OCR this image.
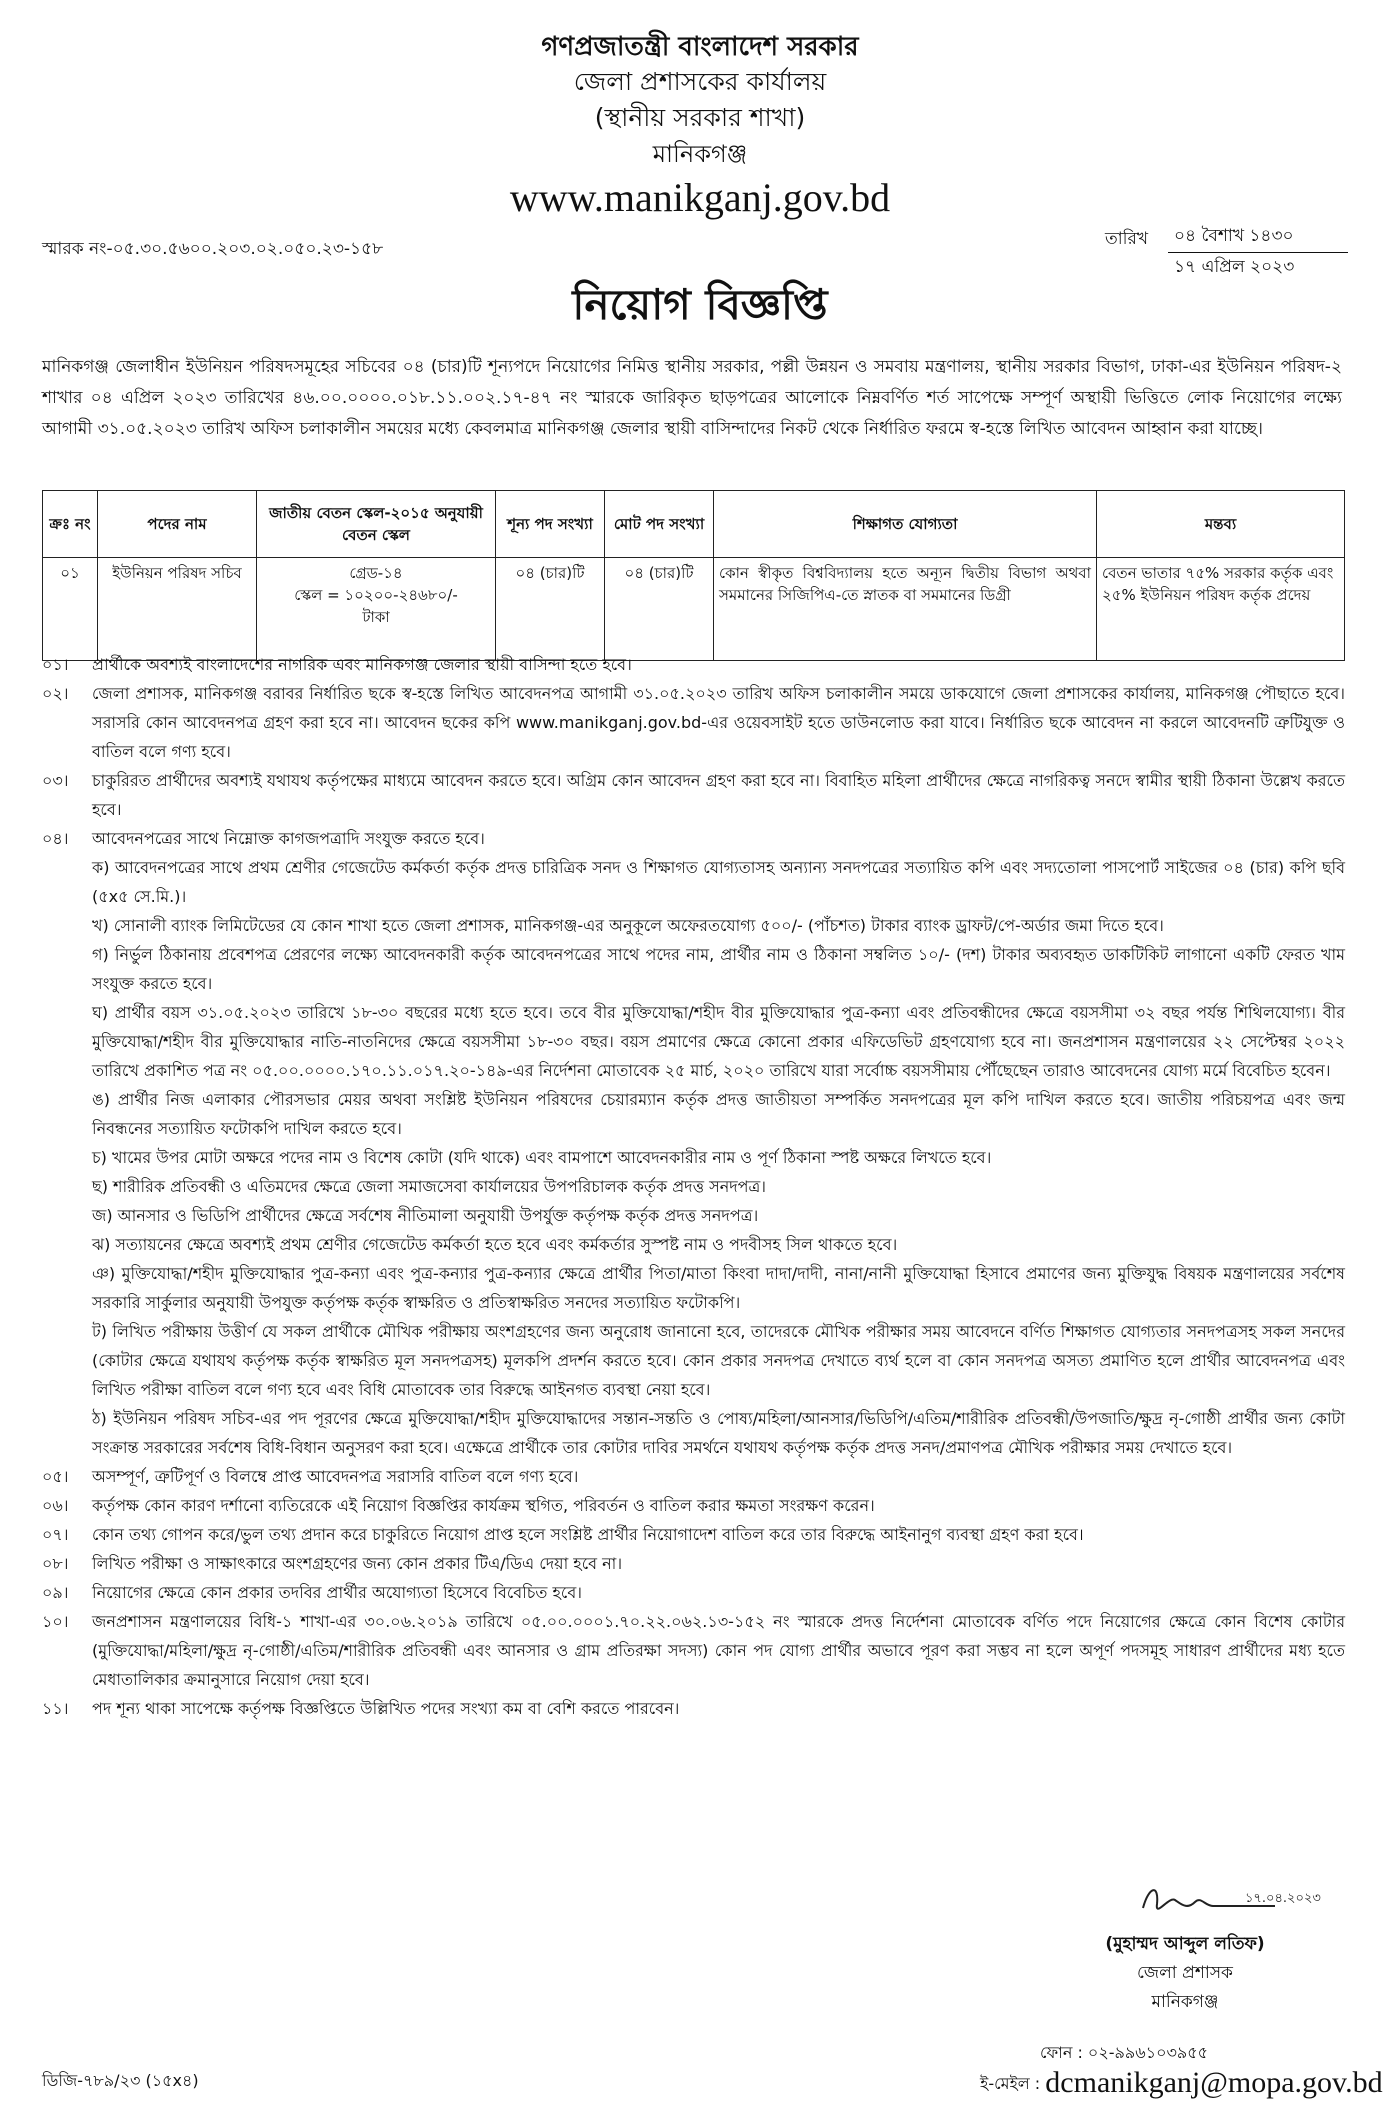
গণপ্রজাতন্ত্রী বাংলাদেশ সরকার
জেলা প্রশাসকের কার্যালয়
(স্থানীয় সরকার শাখা)
মানিকগঞ্জ
www.manikganj.gov.bd
স্মারক নং-০৫.৩০.৫৬০০.২০৩.০২.০৫০.২৩-১৫৮	তারিখ	০৪ বৈশাখ ১৪৩০
১৭ এপ্রিল ২০২৩
নিয়োগ বিজ্ঞপ্তি
মানিকগঞ্জ জেলাধীন ইউনিয়ন পরিষদসমূহের সচিবের ০৪ (চার)টি শূন্যপদে নিয়োগের নিমিত্ত স্থানীয় সরকার, পল্লী উন্নয়ন ও সমবায় মন্ত্রণালয়, স্থানীয় সরকার বিভাগ, ঢাকা-এর ইউনিয়ন পরিষদ-২ শাখার ০৪ এপ্রিল ২০২৩ তারিখের ৪৬.০০.০০০০.০১৮.১১.০০২.১৭-৪৭ নং স্মারকে জারিকৃত ছাড়পত্রের আলোকে নিম্নবর্ণিত শর্ত সাপেক্ষে সম্পূর্ণ অস্থায়ী ভিত্তিতে লোক নিয়োগের লক্ষ্যে আগামী ৩১.০৫.২০২৩ তারিখ অফিস চলাকালীন সময়ের মধ্যে কেবলমাত্র মানিকগঞ্জ জেলার স্থায়ী বাসিন্দাদের নিকট থেকে নির্ধারিত ফরমে স্ব-হস্তে লিখিত আবেদন আহ্বান করা যাচ্ছে।
ক্রঃ নং	পদের নাম	জাতীয় বেতন স্কেল-২০১৫ অনুযায়ী বেতন স্কেল	শূন্য পদ সংখ্যা	মোট পদ সংখ্যা	শিক্ষাগত যোগ্যতা	মন্তব্য
০১	ইউনিয়ন পরিষদ সচিব	গ্রেড-১৪
স্কেল = ১০২০০-২৪৬৮০/-
টাকা	০৪ (চার)টি	০৪ (চার)টি	কোন স্বীকৃত বিশ্ববিদ্যালয় হতে অন্যূন দ্বিতীয় বিভাগ অথবা সমমানের সিজিপিএ-তে স্নাতক বা সমমানের ডিগ্রী	বেতন ভাতার ৭৫% সরকার কর্তৃক এবং ২৫% ইউনিয়ন পরিষদ কর্তৃক প্রদেয়
০১।	প্রার্থীকে অবশ্যই বাংলাদেশের নাগরিক এবং মানিকগঞ্জ জেলার স্থায়ী বাসিন্দা হতে হবে।
০২।	জেলা প্রশাসক, মানিকগঞ্জ বরাবর নির্ধারিত ছকে স্ব-হস্তে লিখিত আবেদনপত্র আগামী ৩১.০৫.২০২৩ তারিখ অফিস চলাকালীন সময়ে ডাকযোগে জেলা প্রশাসকের কার্যালয়, মানিকগঞ্জ পৌছাতে হবে। সরাসরি কোন আবেদনপত্র গ্রহণ করা হবে না। আবেদন ছকের কপি www.manikganj.gov.bd-এর ওয়েবসাইট হতে ডাউনলোড করা যাবে। নির্ধারিত ছকে আবেদন না করলে আবেদনটি ত্রুটিযুক্ত ও বাতিল বলে গণ্য হবে।
০৩।	চাকুরিরত প্রার্থীদের অবশ্যই যথাযথ কর্তৃপক্ষের মাধ্যমে আবেদন করতে হবে। অগ্রিম কোন আবেদন গ্রহণ করা হবে না। বিবাহিত মহিলা প্রার্থীদের ক্ষেত্রে নাগরিকত্ব সনদে স্বামীর স্থায়ী ঠিকানা উল্লেখ করতে হবে।
০৪।	আবেদনপত্রের সাথে নিম্নোক্ত কাগজপত্রাদি সংযুক্ত করতে হবে।
ক) আবেদনপত্রের সাথে প্রথম শ্রেণীর গেজেটেড কর্মকর্তা কর্তৃক প্রদত্ত চারিত্রিক সনদ ও শিক্ষাগত যোগ্যতাসহ অন্যান্য সনদপত্রের সত্যায়িত কপি এবং সদ্যতোলা পাসপোর্ট সাইজের ০৪ (চার) কপি ছবি (৫x৫ সে.মি.)।
খ) সোনালী ব্যাংক লিমিটেডের যে কোন শাখা হতে জেলা প্রশাসক, মানিকগঞ্জ-এর অনুকূলে অফেরতযোগ্য ৫০০/- (পাঁচশত) টাকার ব্যাংক ড্রাফট/পে-অর্ডার জমা দিতে হবে।
গ) নির্ভুল ঠিকানায় প্রবেশপত্র প্রেরণের লক্ষ্যে আবেদনকারী কর্তৃক আবেদনপত্রের সাথে পদের নাম, প্রার্থীর নাম ও ঠিকানা সম্বলিত ১০/- (দশ) টাকার অব্যবহৃত ডাকটিকিট লাগানো একটি ফেরত খাম সংযুক্ত করতে হবে।
ঘ) প্রার্থীর বয়স ৩১.০৫.২০২৩ তারিখে ১৮-৩০ বছরের মধ্যে হতে হবে। তবে বীর মুক্তিযোদ্ধা/শহীদ বীর মুক্তিযোদ্ধার পুত্র-কন্যা এবং প্রতিবন্ধীদের ক্ষেত্রে বয়সসীমা ৩২ বছর পর্যন্ত শিথিলযোগ্য। বীর মুক্তিযোদ্ধা/শহীদ বীর মুক্তিযোদ্ধার নাতি-নাতনিদের ক্ষেত্রে বয়সসীমা ১৮-৩০ বছর। বয়স প্রমাণের ক্ষেত্রে কোনো প্রকার এফিডেভিট গ্রহণযোগ্য হবে না। জনপ্রশাসন মন্ত্রণালয়ের ২২ সেপ্টেম্বর ২০২২ তারিখে প্রকাশিত পত্র নং ০৫.০০.০০০০.১৭০.১১.০১৭.২০-১৪৯-এর নির্দেশনা মোতাবেক ২৫ মার্চ, ২০২০ তারিখে যারা সর্বোচ্চ বয়সসীমায় পৌঁছেছেন তারাও আবেদনের যোগ্য মর্মে বিবেচিত হবেন।
ঙ) প্রার্থীর নিজ এলাকার পৌরসভার মেয়র অথবা সংশ্লিষ্ট ইউনিয়ন পরিষদের চেয়ারম্যান কর্তৃক প্রদত্ত জাতীয়তা সম্পর্কিত সনদপত্রের মূল কপি দাখিল করতে হবে। জাতীয় পরিচয়পত্র এবং জন্ম নিবন্ধনের সত্যায়িত ফটোকপি দাখিল করতে হবে।
চ) খামের উপর মোটা অক্ষরে পদের নাম ও বিশেষ কোটা (যদি থাকে) এবং বামপাশে আবেদনকারীর নাম ও পূর্ণ ঠিকানা স্পষ্ট অক্ষরে লিখতে হবে।
ছ) শারীরিক প্রতিবন্ধী ও এতিমদের ক্ষেত্রে জেলা সমাজসেবা কার্যালয়ের উপপরিচালক কর্তৃক প্রদত্ত সনদপত্র।
জ) আনসার ও ভিডিপি প্রার্থীদের ক্ষেত্রে সর্বশেষ নীতিমালা অনুযায়ী উপর্যুক্ত কর্তৃপক্ষ কর্তৃক প্রদত্ত সনদপত্র।
ঝ) সত্যায়নের ক্ষেত্রে অবশ্যই প্রথম শ্রেণীর গেজেটেড কর্মকর্তা হতে হবে এবং কর্মকর্তার সুস্পষ্ট নাম ও পদবীসহ সিল থাকতে হবে।
ঞ) মুক্তিযোদ্ধা/শহীদ মুক্তিযোদ্ধার পুত্র-কন্যা এবং পুত্র-কন্যার পুত্র-কন্যার ক্ষেত্রে প্রার্থীর পিতা/মাতা কিংবা দাদা/দাদী, নানা/নানী মুক্তিযোদ্ধা হিসাবে প্রমাণের জন্য মুক্তিযুদ্ধ বিষয়ক মন্ত্রণালয়ের সর্বশেষ সরকারি সার্কুলার অনুযায়ী উপযুক্ত কর্তৃপক্ষ কর্তৃক স্বাক্ষরিত ও প্রতিস্বাক্ষরিত সনদের সত্যায়িত ফটোকপি।
ট) লিখিত পরীক্ষায় উত্তীর্ণ যে সকল প্রার্থীকে মৌখিক পরীক্ষায় অংশগ্রহণের জন্য অনুরোধ জানানো হবে, তাদেরকে মৌখিক পরীক্ষার সময় আবেদনে বর্ণিত শিক্ষাগত যোগ্যতার সনদপত্রসহ সকল সনদের (কোটার ক্ষেত্রে যথাযথ কর্তৃপক্ষ কর্তৃক স্বাক্ষরিত মূল সনদপত্রসহ) মূলকপি প্রদর্শন করতে হবে। কোন প্রকার সনদপত্র দেখাতে ব্যর্থ হলে বা কোন সনদপত্র অসত্য প্রমাণিত হলে প্রার্থীর আবেদনপত্র এবং লিখিত পরীক্ষা বাতিল বলে গণ্য হবে এবং বিধি মোতাবেক তার বিরুদ্ধে আইনগত ব্যবস্থা নেয়া হবে।
ঠ) ইউনিয়ন পরিষদ সচিব-এর পদ পূরণের ক্ষেত্রে মুক্তিযোদ্ধা/শহীদ মুক্তিযোদ্ধাদের সন্তান-সন্ততি ও পোষ্য/মহিলা/আনসার/ভিডিপি/এতিম/শারীরিক প্রতিবন্ধী/উপজাতি/ক্ষুদ্র নৃ-গোষ্ঠী প্রার্থীর জন্য কোটা সংক্রান্ত সরকারের সর্বশেষ বিধি-বিধান অনুসরণ করা হবে। এক্ষেত্রে প্রার্থীকে তার কোটার দাবির সমর্থনে যথাযথ কর্তৃপক্ষ কর্তৃক প্রদত্ত সনদ/প্রমাণপত্র মৌখিক পরীক্ষার সময় দেখাতে হবে।
০৫।	অসম্পূর্ণ, ত্রুটিপূর্ণ ও বিলম্বে প্রাপ্ত আবেদনপত্র সরাসরি বাতিল বলে গণ্য হবে।
০৬।	কর্তৃপক্ষ কোন কারণ দর্শানো ব্যতিরেকে এই নিয়োগ বিজ্ঞপ্তির কার্যক্রম স্থগিত, পরিবর্তন ও বাতিল করার ক্ষমতা সংরক্ষণ করেন।
০৭।	কোন তথ্য গোপন করে/ভুল তথ্য প্রদান করে চাকুরিতে নিয়োগ প্রাপ্ত হলে সংশ্লিষ্ট প্রার্থীর নিয়োগাদেশ বাতিল করে তার বিরুদ্ধে আইনানুগ ব্যবস্থা গ্রহণ করা হবে।
০৮।	লিখিত পরীক্ষা ও সাক্ষাৎকারে অংশগ্রহণের জন্য কোন প্রকার টিএ/ডিএ দেয়া হবে না।
০৯।	নিয়োগের ক্ষেত্রে কোন প্রকার তদবির প্রার্থীর অযোগ্যতা হিসেবে বিবেচিত হবে।
১০।	জনপ্রশাসন মন্ত্রণালয়ের বিধি-১ শাখা-এর ৩০.০৬.২০১৯ তারিখে ০৫.০০.০০০১.৭০.২২.০৬২.১৩-১৫২ নং স্মারকে প্রদত্ত নির্দেশনা মোতাবেক বর্ণিত পদে নিয়োগের ক্ষেত্রে কোন বিশেষ কোটার (মুক্তিযোদ্ধা/মহিলা/ক্ষুদ্র নৃ-গোষ্ঠী/এতিম/শারীরিক প্রতিবন্ধী এবং আনসার ও গ্রাম প্রতিরক্ষা সদস্য) কোন পদ যোগ্য প্রার্থীর অভাবে পূরণ করা সম্ভব না হলে অপূর্ণ পদসমূহ সাধারণ প্রার্থীদের মধ্য হতে মেধাতালিকার ক্রমানুসারে নিয়োগ দেয়া হবে।
১১।	পদ শূন্য থাকা সাপেক্ষে কর্তৃপক্ষ বিজ্ঞপ্তিতে উল্লিখিত পদের সংখ্যা কম বা বেশি করতে পারবেন।
১৭.০৪.২০২৩
(মুহাম্মদ আব্দুল লতিফ)
জেলা প্রশাসক
মানিকগঞ্জ
ফোন : ০২-৯৯৬১০৩৯৫৫
ই-মেইল : dcmanikganj@mopa.gov.bd
ডিজি-৭৮৯/২৩ (১৫x৪)
